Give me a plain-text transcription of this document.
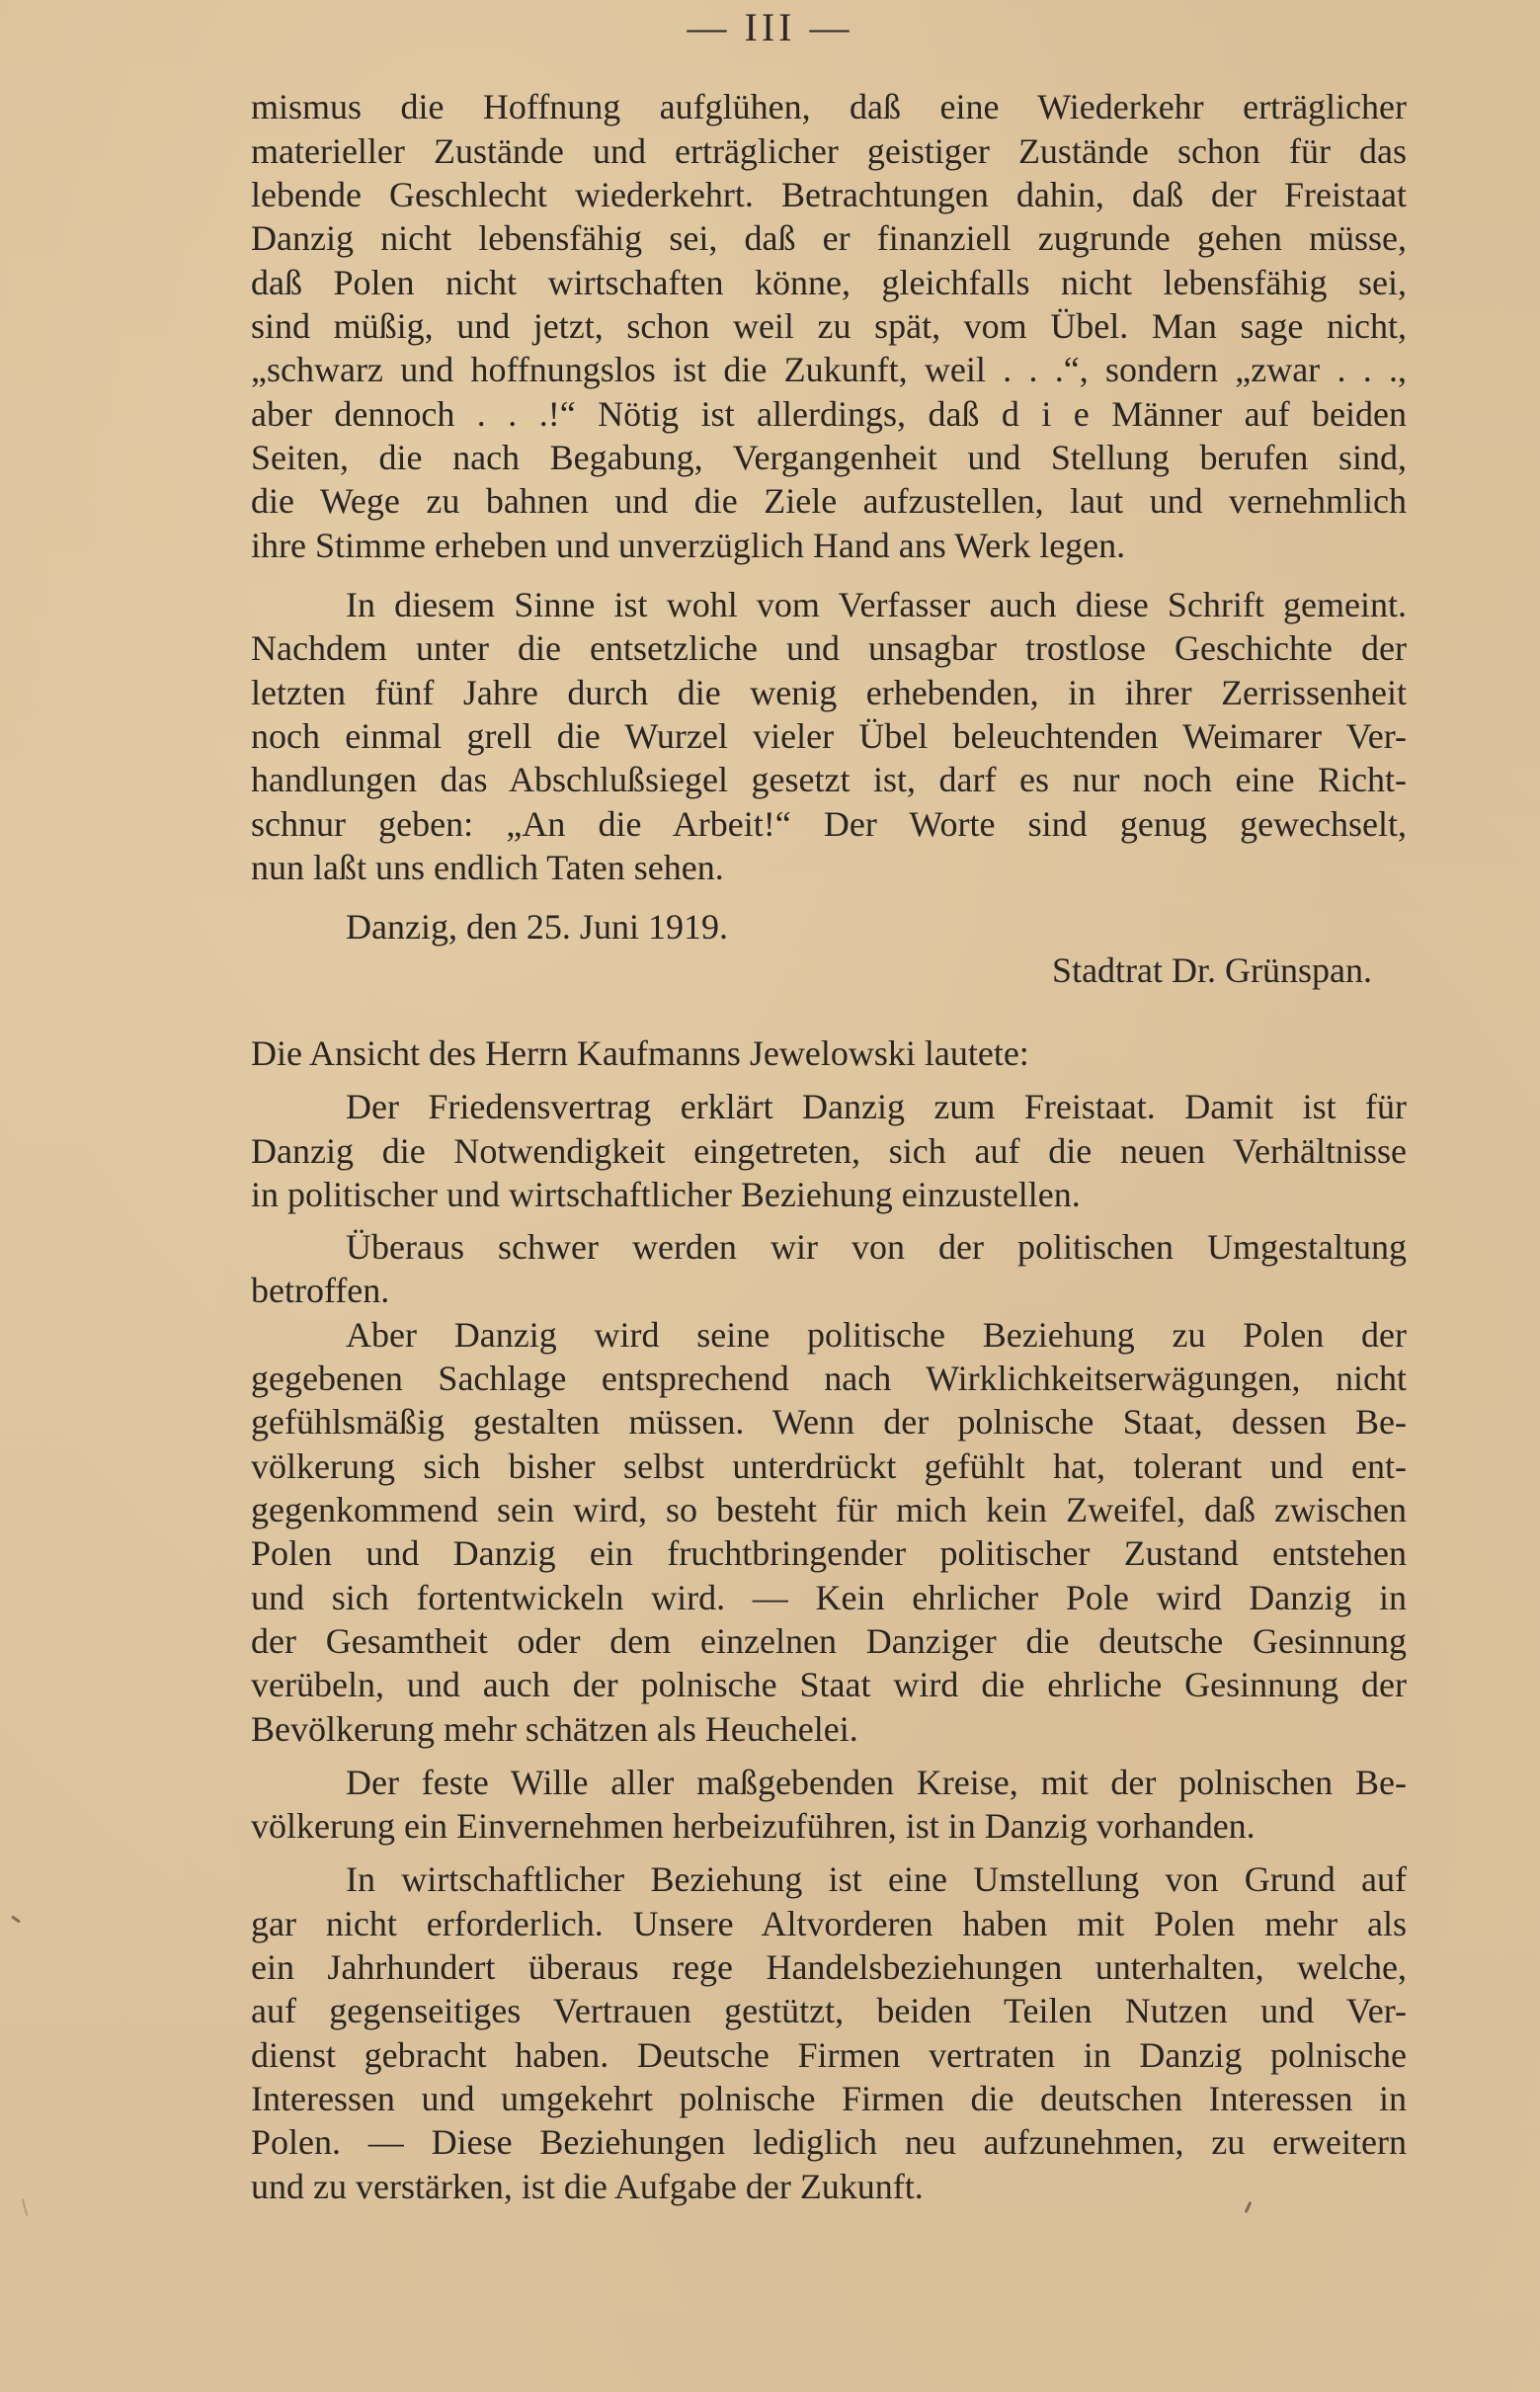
— III —
mismus die Hoffnung aufglühen, daß eine Wiederkehr erträglicher
materieller Zustände und erträglicher geistiger Zustände schon für das
lebende Geschlecht wiederkehrt. Betrachtungen dahin, daß der Freistaat
Danzig nicht lebensfähig sei, daß er finanziell zugrunde gehen müsse,
daß Polen nicht wirtschaften könne, gleichfalls nicht lebensfähig sei,
sind müßig, und jetzt, schon weil zu spät, vom Übel. Man sage nicht,
„schwarz und hoffnungslos ist die Zukunft, weil . . .“, sondern „zwar . . .,
aber dennoch . . .!“ Nötig ist allerdings, daß d i e Männer auf beiden
Seiten, die nach Begabung, Vergangenheit und Stellung berufen sind,
die Wege zu bahnen und die Ziele aufzustellen, laut und vernehmlich
ihre Stimme erheben und unverzüglich Hand ans Werk legen.
In diesem Sinne ist wohl vom Verfasser auch diese Schrift gemeint.
Nachdem unter die entsetzliche und unsagbar trostlose Geschichte der
letzten fünf Jahre durch die wenig erhebenden, in ihrer Zerrissenheit
noch einmal grell die Wurzel vieler Übel beleuchtenden Weimarer Ver-
handlungen das Abschlußsiegel gesetzt ist, darf es nur noch eine Richt-
schnur geben: „An die Arbeit!“ Der Worte sind genug gewechselt,
nun laßt uns endlich Taten sehen.
Danzig, den 25. Juni 1919.
Stadtrat Dr. Grünspan.
Die Ansicht des Herrn Kaufmanns Jewelowski lautete:
Der Friedensvertrag erklärt Danzig zum Freistaat. Damit ist für
Danzig die Notwendigkeit eingetreten, sich auf die neuen Verhältnisse
in politischer und wirtschaftlicher Beziehung einzustellen.
Überaus schwer werden wir von der politischen Umgestaltung
betroffen.
Aber Danzig wird seine politische Beziehung zu Polen der
gegebenen Sachlage entsprechend nach Wirklichkeitserwägungen, nicht
gefühlsmäßig gestalten müssen. Wenn der polnische Staat, dessen Be-
völkerung sich bisher selbst unterdrückt gefühlt hat, tolerant und ent-
gegenkommend sein wird, so besteht für mich kein Zweifel, daß zwischen
Polen und Danzig ein fruchtbringender politischer Zustand entstehen
und sich fortentwickeln wird. — Kein ehrlicher Pole wird Danzig in
der Gesamtheit oder dem einzelnen Danziger die deutsche Gesinnung
verübeln, und auch der polnische Staat wird die ehrliche Gesinnung der
Bevölkerung mehr schätzen als Heuchelei.
Der feste Wille aller maßgebenden Kreise, mit der polnischen Be-
völkerung ein Einvernehmen herbeizuführen, ist in Danzig vorhanden.
In wirtschaftlicher Beziehung ist eine Umstellung von Grund auf
gar nicht erforderlich. Unsere Altvorderen haben mit Polen mehr als
ein Jahrhundert überaus rege Handelsbeziehungen unterhalten, welche,
auf gegenseitiges Vertrauen gestützt, beiden Teilen Nutzen und Ver-
dienst gebracht haben. Deutsche Firmen vertraten in Danzig polnische
Interessen und umgekehrt polnische Firmen die deutschen Interessen in
Polen. — Diese Beziehungen lediglich neu aufzunehmen, zu erweitern
und zu verstärken, ist die Aufgabe der Zukunft.
